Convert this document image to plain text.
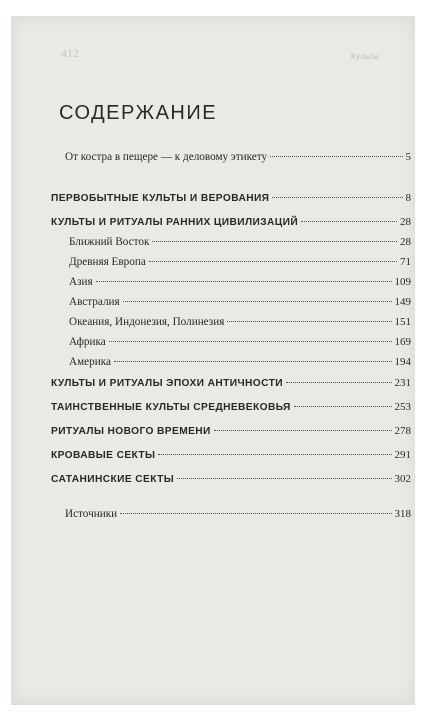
412	Культы
СОДЕРЖАНИЕ
От костра в пещере — к деловому этикету	5
ПЕРВОБЫТНЫЕ КУЛЬТЫ И ВЕРОВАНИЯ	8
КУЛЬТЫ И РИТУАЛЫ РАННИХ ЦИВИЛИЗАЦИЙ	28
Ближний Восток	28
Древняя Европа	71
Азия	109
Австралия	149
Океания, Индонезия, Полинезия	151
Африка	169
Америка	194
КУЛЬТЫ И РИТУАЛЫ ЭПОХИ АНТИЧНОСТИ	231
ТАИНСТВЕННЫЕ КУЛЬТЫ СРЕДНЕВЕКОВЬЯ	253
РИТУАЛЫ НОВОГО ВРЕМЕНИ	278
КРОВАВЫЕ СЕКТЫ	291
САТАНИНСКИЕ СЕКТЫ	302
Источники	318
